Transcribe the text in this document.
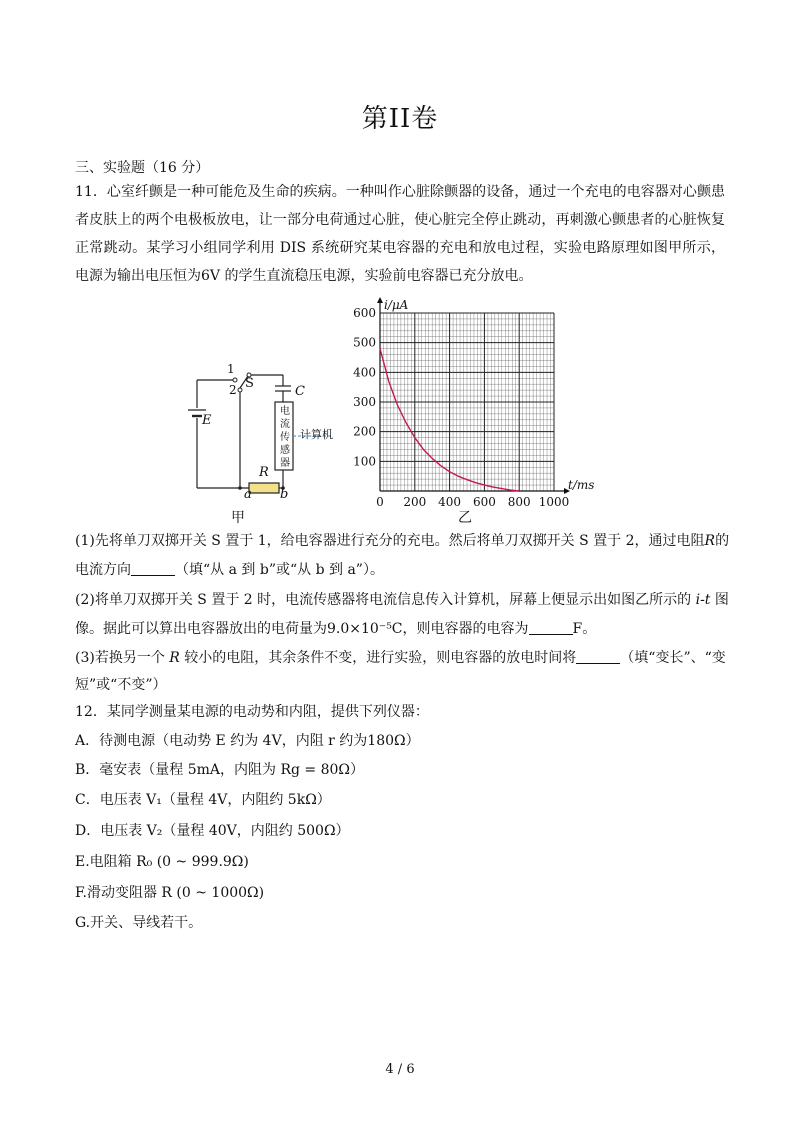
第II卷
三、实验题（16 分）
11．心室纤颤是一种可能危及生命的疾病。一种叫作心脏除颤器的设备，通过一个充电的电容器对心颤患者皮肤上的两个电极板放电，让一部分电荷通过心脏，使心脏完全停止跳动，再刺激心颤患者的心脏恢复正常跳动。某学习小组同学利用 DIS 系统研究某电容器的充电和放电过程，实验电路原理如图甲所示，电源为输出电压恒为6V 的学生直流稳压电源，实验前电容器已充分放电。
1
2 S
C
E
R
a b
电
流
传
感
器
计算机
甲
100
200
300
400
500
600
0 200 400 600 800 1000
i/μA
t/ms
乙
(1)先将单刀双掷开关 S 置于 1，给电容器进行充分的充电。然后将单刀双掷开关 S 置于 2，通过电阻R的
电流方向	（填“从 a 到 b”或“从 b 到 a”）。
(2)将单刀双掷开关 S 置于 2 时，电流传感器将电流信息传入计算机，屏幕上便显示出如图乙所示的 i-t 图
像。据此可以算出电容器放出的电荷量为9.0×10⁻⁵C，则电容器的电容为	F。
(3)若换另一个 R 较小的电阻，其余条件不变，进行实验，则电容器的放电时间将	（填“变长”、“变
短”或“不变”）
12．某同学测量某电源的电动势和内阻，提供下列仪器：
A．待测电源（电动势 E 约为 4V，内阻 r 约为180Ω）
B．毫安表（量程 5mA，内阻为 Rg = 80Ω）
C．电压表 V₁（量程 4V，内阻约 5kΩ）
D．电压表 V₂（量程 40V，内阻约 500Ω）
E.电阻箱 R₀ (0 ~ 999.9Ω)
F.滑动变阻器 R (0 ~ 1000Ω)
G.开关、导线若干。
4 / 6
